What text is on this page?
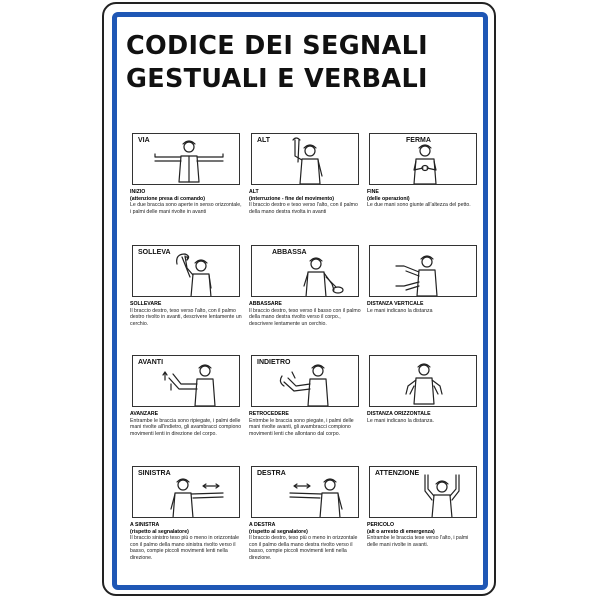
CODICE DEI SEGNALI
GESTUALI E VERBALI
VIA
INIZIO
(attenzione presa di comando)
Le due braccia sono aperte in senso orizzontale, i palmi delle mani rivolte in avanti
ALT
ALT
(interruzione - fine del movimento)
Il braccio destro e teso verso l'alto, con il palmo della mano destra rivolta in avanti
FERMA
FINE
(delle operazioni)
Le due mani sono giunte all'altezza del petto.
SOLLEVA
SOLLEVARE
Il braccio destro, teso verso l'alto, con il palmo destro rivolto in avanti, descrivere lentamente un cerchio.
ABBASSA
ABBASSARE
Il braccio destro, teso verso il basso con il palmo della mano destra rivolto verso il corpo., descrivere lentamente un cerchio.
DISTANZA VERTICALE
Le mani indicano la distanza
AVANTI
AVANZARE
Entrambe le braccia sono ripiegate, i palmi delle mani rivolte all'indietro, gli avambracci compiono movimenti lenti in direzione del corpo.
INDIETRO
RETROCEDERE
Entrmbe le braccia sono piegate, i palmi delle mani rivolte avanti, gli avambracci compiono movimenti lenti che allontano dal corpo.
DISTANZA ORIZZONTALE
Le mani indicano la distanza.
SINISTRA
A SINISTRA
(rispetto al segnalatore)
Il braccio sinistro teso più o meno in orizzontale con il palmo della mano sinistra rivolto verso il basso, compie piccoli movimenti lenti nella direzione.
DESTRA
A DESTRA
(rispetto al segnalatore)
Il braccio destro, teso più o meno in orizzontale con il palmo della mano destra rivolto verso il basso, compie piccoli movimenti lenti nella direzione.
ATTENZIONE
PERICOLO
(alt o arresto di emergenza)
Entrambe le braccia tese verso l'alto, i palmi delle mani rivolte in avanti.
